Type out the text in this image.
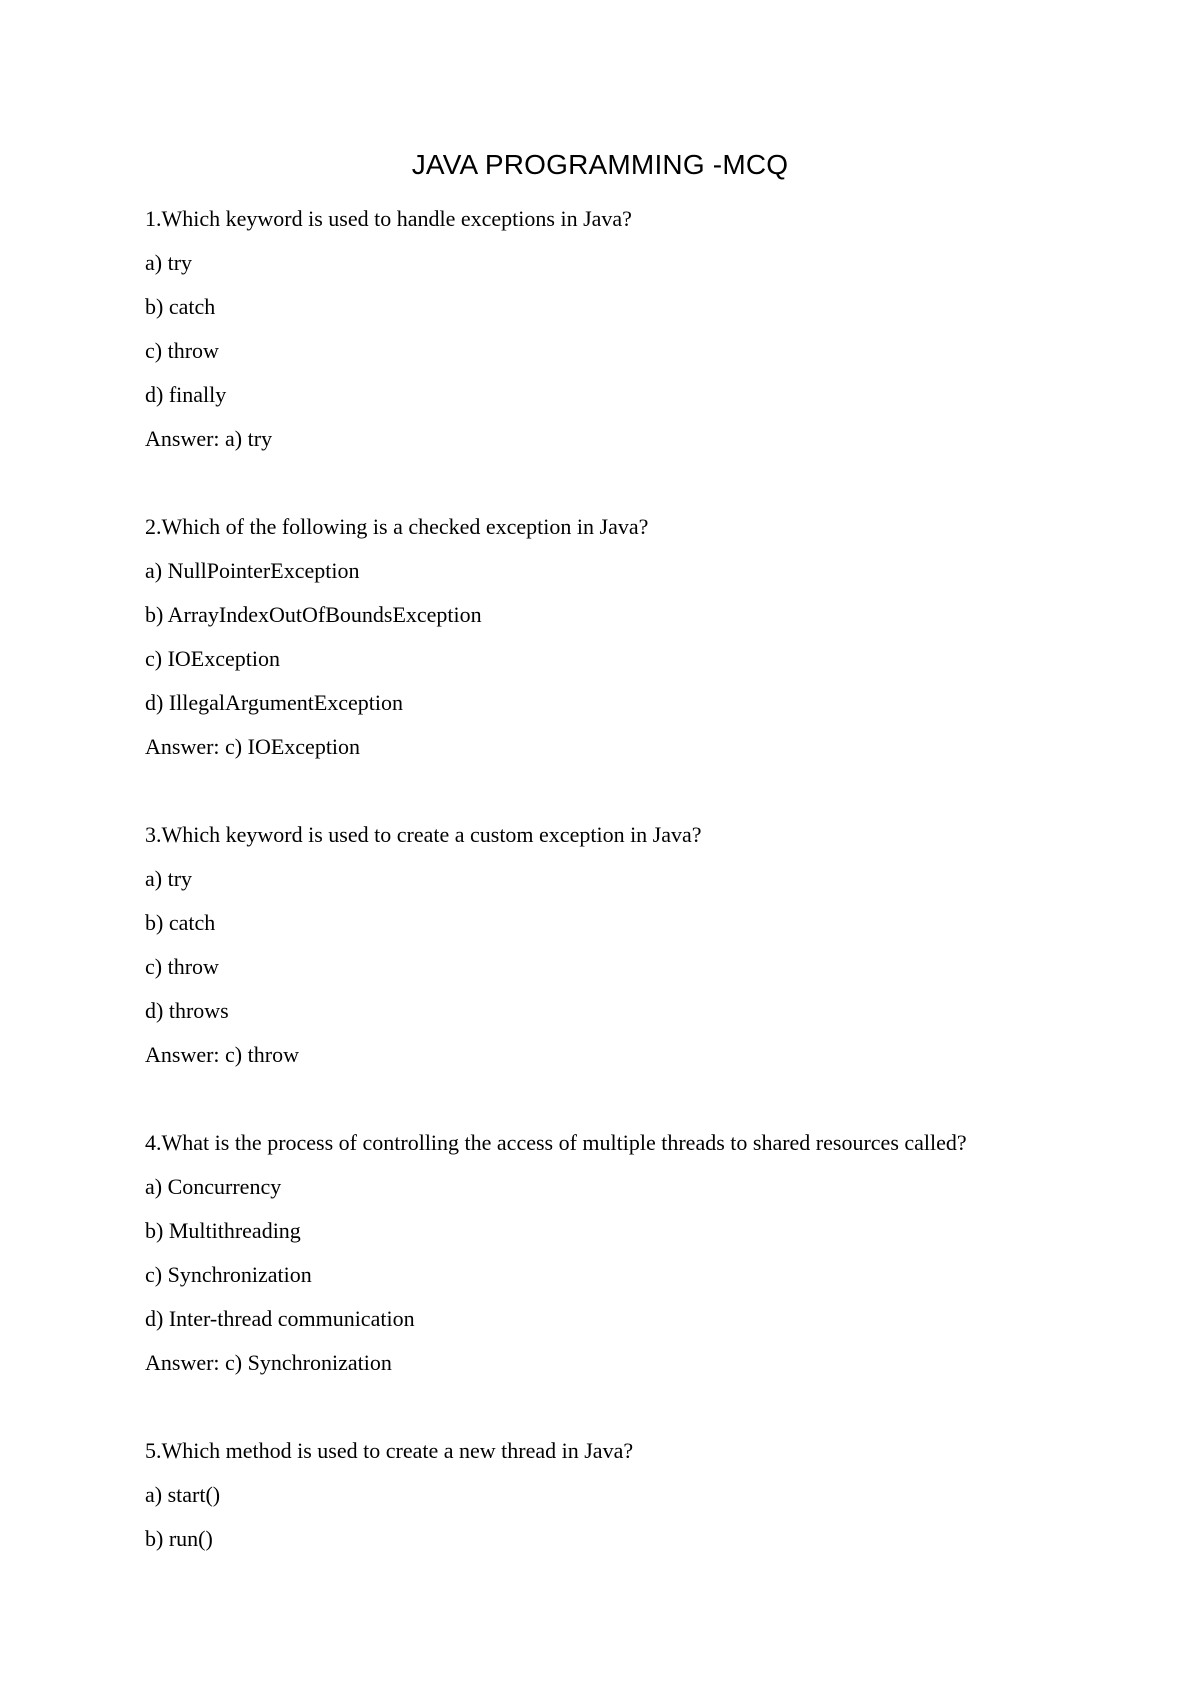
JAVA PROGRAMMING -MCQ
1.Which keyword is used to handle exceptions in Java?
a) try
b) catch
c) throw
d) finally
Answer: a) try
2.Which of the following is a checked exception in Java?
a) NullPointerException
b) ArrayIndexOutOfBoundsException
c) IOException
d) IllegalArgumentException
Answer: c) IOException
3.Which keyword is used to create a custom exception in Java?
a) try
b) catch
c) throw
d) throws
Answer: c) throw
4.What is the process of controlling the access of multiple threads to shared resources called?
a) Concurrency
b) Multithreading
c) Synchronization
d) Inter-thread communication
Answer: c) Synchronization
5.Which method is used to create a new thread in Java?
a) start()
b) run()
